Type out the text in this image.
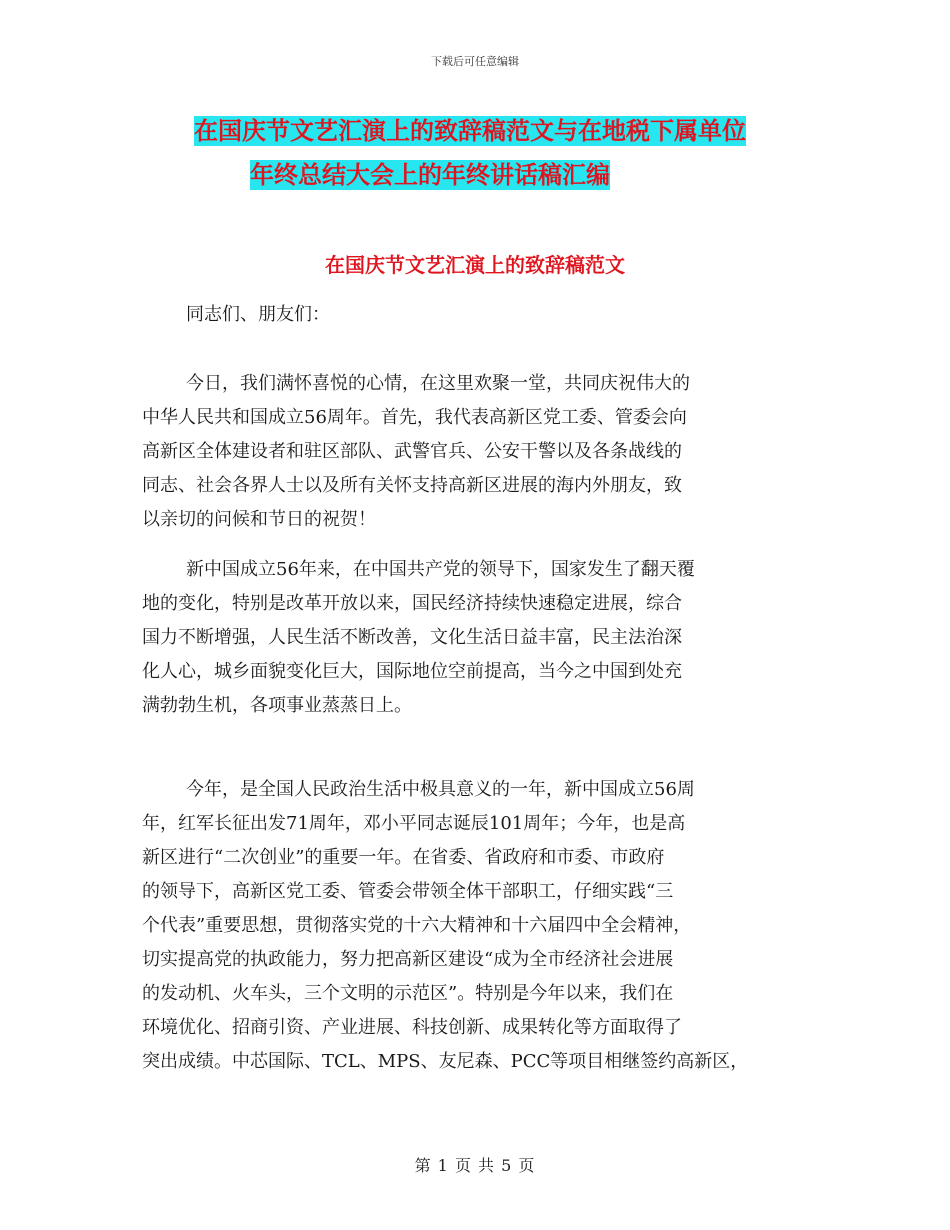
下载后可任意编辑
在国庆节文艺汇演上的致辞稿范文与在地税下属单位
年终总结大会上的年终讲话稿汇编
在国庆节文艺汇演上的致辞稿范文
同志们、朋友们：
今日，我们满怀喜悦的心情，在这里欢聚一堂，共同庆祝伟大的
中华人民共和国成立56周年。首先，我代表高新区党工委、管委会向
高新区全体建设者和驻区部队、武警官兵、公安干警以及各条战线的
同志、社会各界人士以及所有关怀支持高新区进展的海内外朋友，致
以亲切的问候和节日的祝贺！
新中国成立56年来，在中国共产党的领导下，国家发生了翻天覆
地的变化，特别是改革开放以来，国民经济持续快速稳定进展，综合
国力不断增强，人民生活不断改善，文化生活日益丰富，民主法治深
化人心，城乡面貌变化巨大，国际地位空前提高，当今之中国到处充
满勃勃生机，各项事业蒸蒸日上。
今年，是全国人民政治生活中极具意义的一年，新中国成立56周
年，红军长征出发71周年，邓小平同志诞辰101周年；今年，也是高
新区进行“二次创业”的重要一年。在省委、省政府和市委、市政府
的领导下，高新区党工委、管委会带领全体干部职工，仔细实践“三
个代表”重要思想，贯彻落实党的十六大精神和十六届四中全会精神，
切实提高党的执政能力，努力把高新区建设“成为全市经济社会进展
的发动机、火车头，三个文明的示范区”。特别是今年以来，我们在
环境优化、招商引资、产业进展、科技创新、成果转化等方面取得了
突出成绩。中芯国际、TCL、MPS、友尼森、PCC等项目相继签约高新区，
第 1 页 共 5 页
